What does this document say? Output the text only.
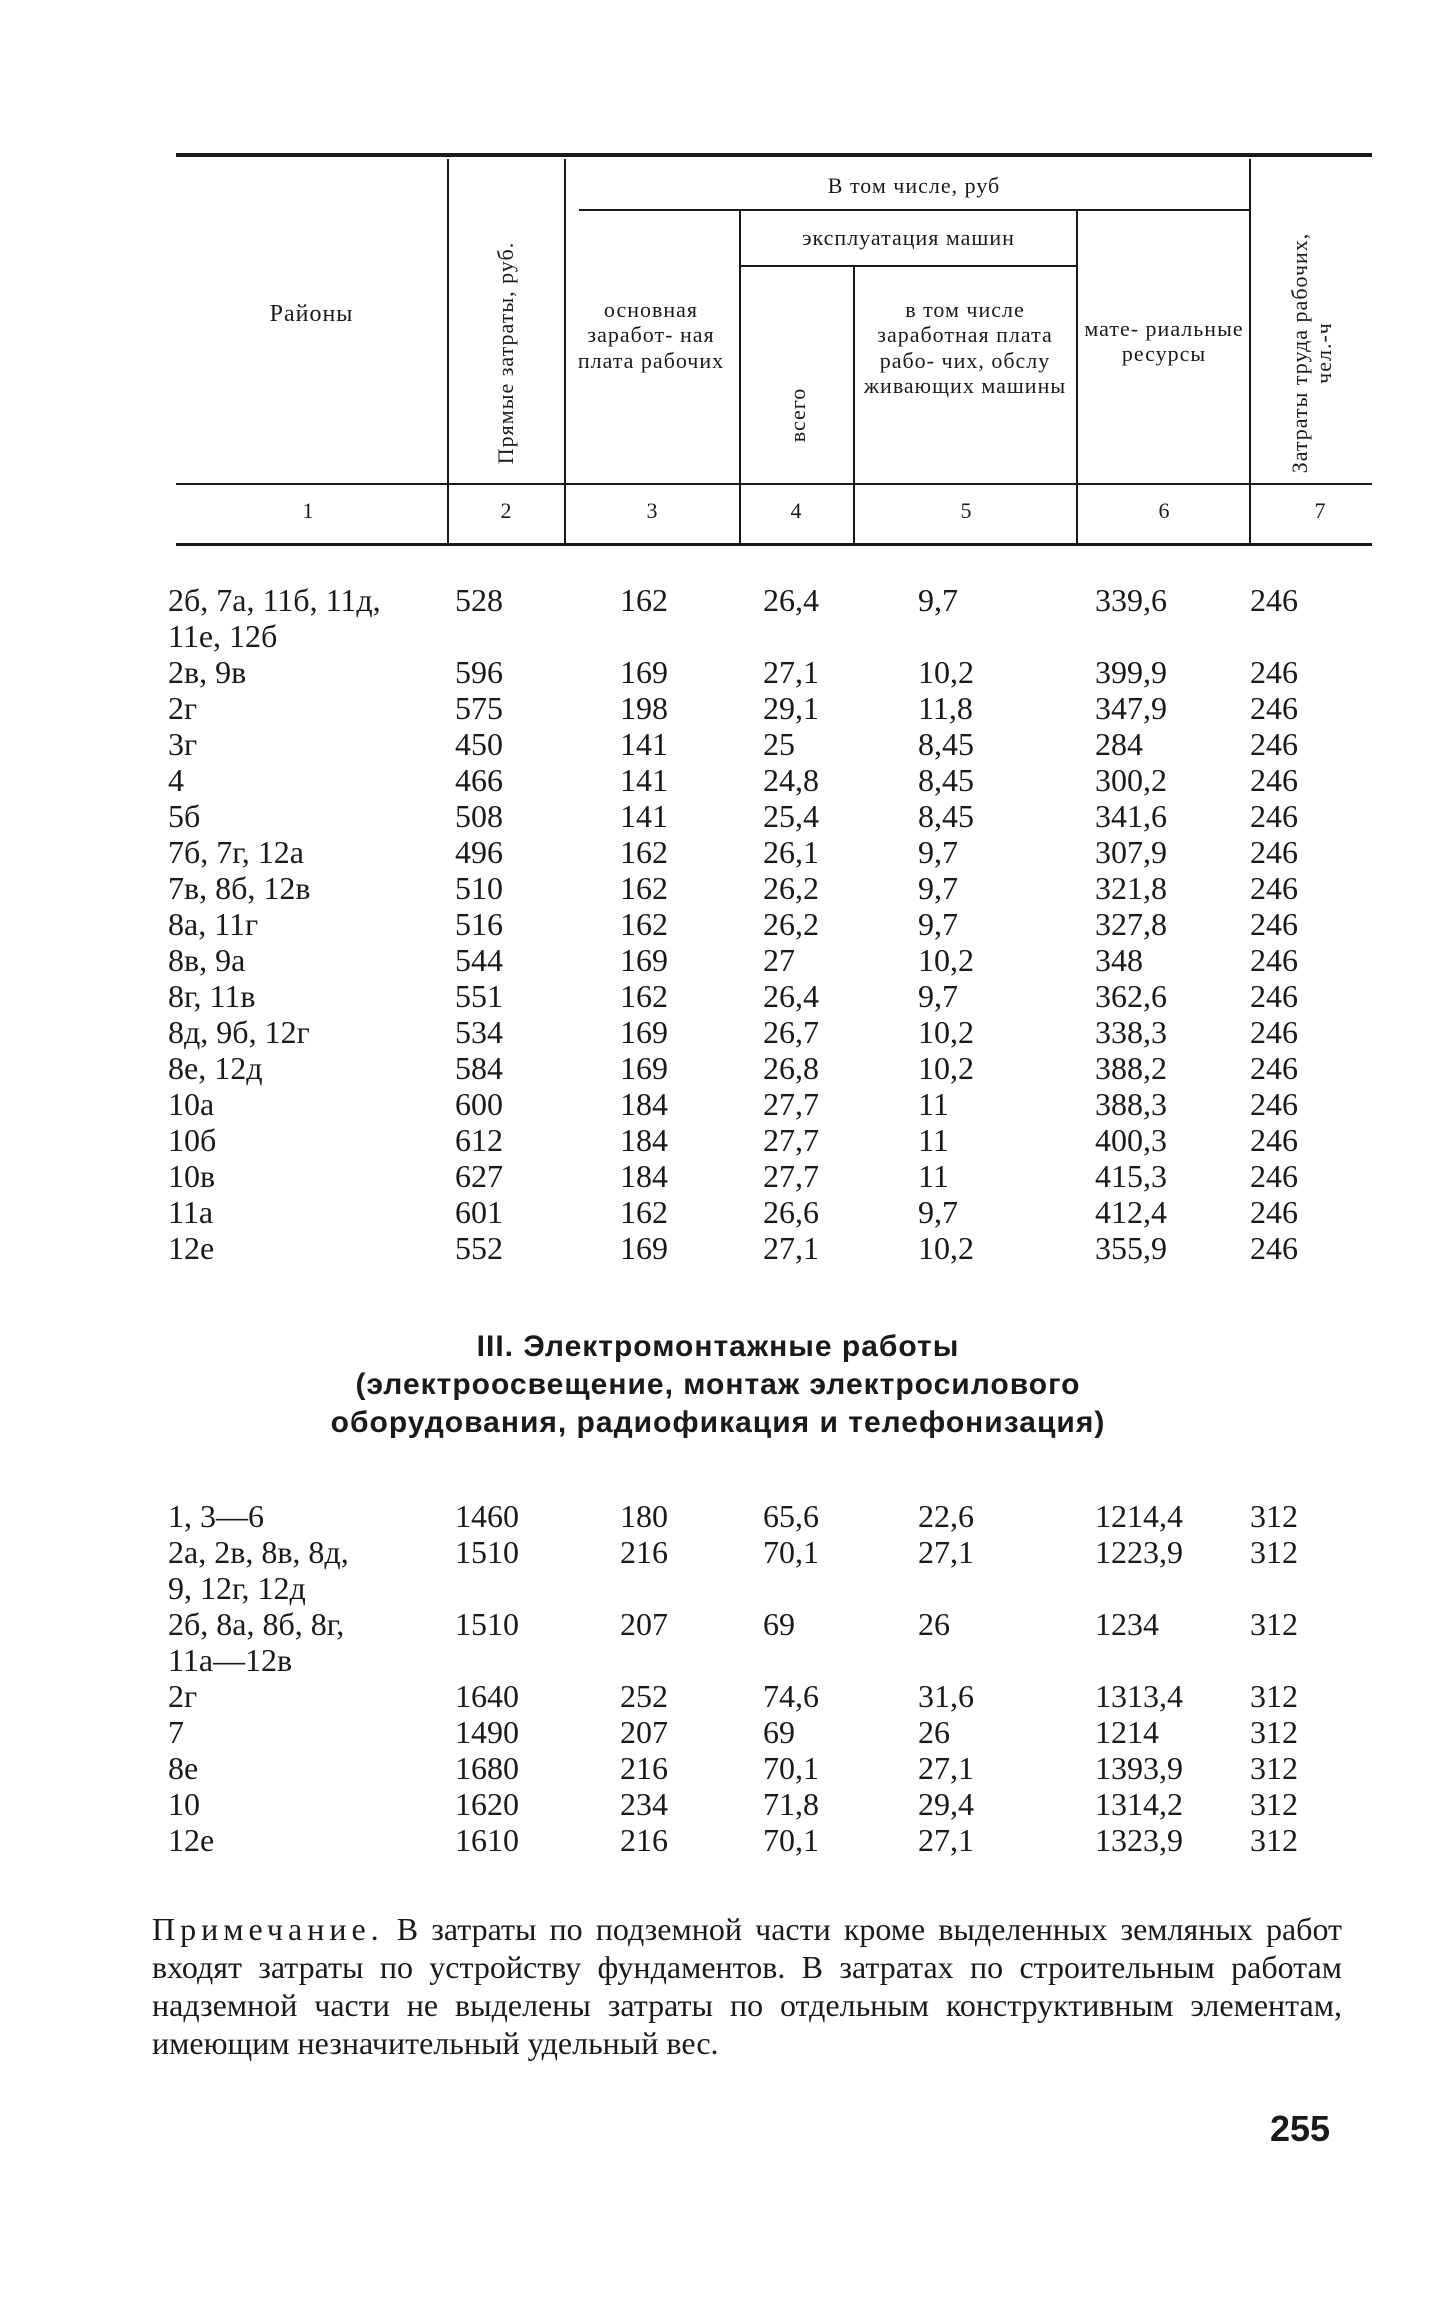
Районы	Прямые затраты, руб.
В том числе, руб
основная заработ- ная плата рабочих
эксплуатация машин
всего
в том числе заработная плата рабо- чих, обслу живающих машины
мате- риальные ресурсы	Затраты труда рабочих, чел.-ч
1	2	3	4	5	6	7
2б, 7а, 11б, 11д, 528	162	26,4	9,7	339,6	246
11е, 12б
2в, 9в	596	169	27,1	10,2	399,9	246
2г	575	198	29,1	11,8	347,9	246
3г	450	141	25	8,45	284	246
4	466	141	24,8	8,45	300,2	246
5б	508	141	25,4	8,45	341,6	246
7б, 7г, 12а	496	162	26,1	9,7	307,9	246
7в, 8б, 12в	510	162	26,2	9,7	321,8	246
8а, 11г	516	162	26,2	9,7	327,8	246
8в, 9а	544	169	27	10,2	348	246
8г, 11в	551	162	26,4	9,7	362,6	246
8д, 9б, 12г	534	169	26,7	10,2	338,3	246
8е, 12д	584	169	26,8	10,2	388,2	246
10а	600	184	27,7	11	388,3	246
10б	612	184	27,7	11	400,3	246
10в	627	184	27,7	11	415,3	246
11а	601	162	26,6	9,7	412,4	246
12е	552	169	27,1	10,2	355,9	246
III. Электромонтажные работы
(электроосвещение, монтаж электросилового
оборудования, радиофикация и телефонизация)
1, 3—6	1460	180	65,6	22,6	1214,4 312
2а, 2в, 8в, 8д,	1510	216	70,1	27,1	1223,9 312
9, 12г, 12д
2б, 8а, 8б, 8г,	1510	207	69	26	1234	312
11а—12в
2г	1640	252	74,6	31,6	1313,4 312
7	1490	207	69	26	1214	312
8е	1680	216	70,1	27,1	1393,9 312
10	1620	234	71,8	29,4	1314,2 312
12е	1610	216	70,1	27,1	1323,9 312
Примечание. В затраты по подземной части кроме выделенных земляных работ входят затраты по устройству фундаментов. В затратах по строительным работам надземной части не выделены затраты по отдельным конструктивным элементам, имеющим незначительный удельный вес.
255
